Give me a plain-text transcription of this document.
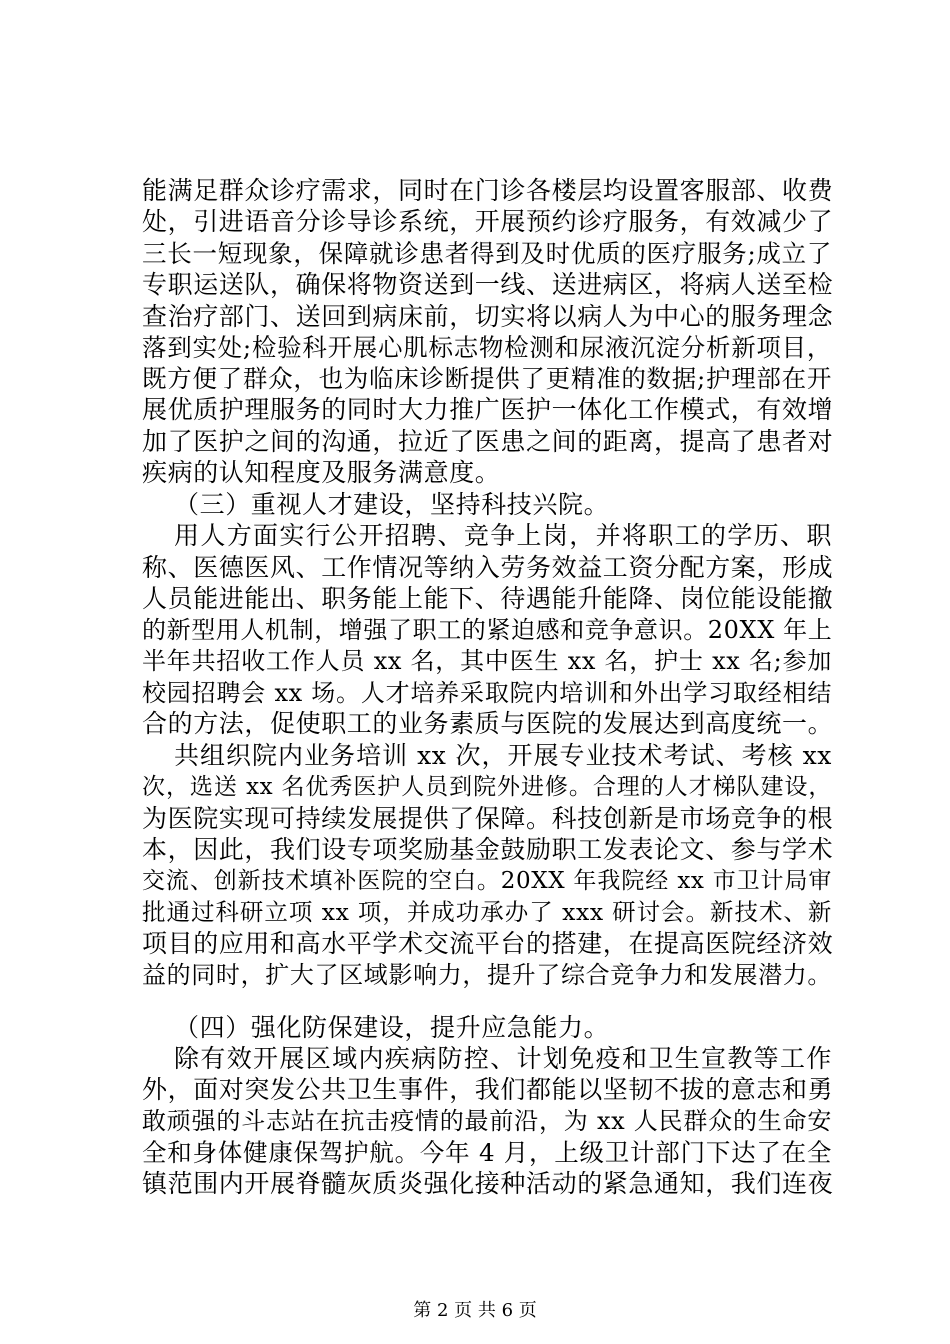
能满足群众诊疗需求，同时在门诊各楼层均设置客服部、收费
处，引进语音分诊导诊系统，开展预约诊疗服务，有效减少了
三长一短现象，保障就诊患者得到及时优质的医疗服务;成立了
专职运送队，确保将物资送到一线、送进病区，将病人送至检
查治疗部门、送回到病床前，切实将以病人为中心的服务理念
落到实处;检验科开展心肌标志物检测和尿液沉淀分析新项目，
既方便了群众，也为临床诊断提供了更精准的数据;护理部在开
展优质护理服务的同时大力推广医护一体化工作模式，有效增
加了医护之间的沟通，拉近了医患之间的距离，提高了患者对
疾病的认知程度及服务满意度。
（三）重视人才建设，坚持科技兴院。
用人方面实行公开招聘、竞争上岗，并将职工的学历、职
称、医德医风、工作情况等纳入劳务效益工资分配方案，形成
人员能进能出、职务能上能下、待遇能升能降、岗位能设能撤
的新型用人机制，增强了职工的紧迫感和竞争意识。20XX 年上
半年共招收工作人员 xx 名，其中医生 xx 名，护士 xx 名;参加
校园招聘会 xx 场。人才培养采取院内培训和外出学习取经相结
合的方法，促使职工的业务素质与医院的发展达到高度统一。
共组织院内业务培训 xx 次，开展专业技术考试、考核 xx
次，选送 xx 名优秀医护人员到院外进修。合理的人才梯队建设，
为医院实现可持续发展提供了保障。科技创新是市场竞争的根
本，因此，我们设专项奖励基金鼓励职工发表论文、参与学术
交流、创新技术填补医院的空白。20XX 年我院经 xx 市卫计局审
批通过科研立项 xx 项，并成功承办了 xxx 研讨会。新技术、新
项目的应用和高水平学术交流平台的搭建，在提高医院经济效
益的同时，扩大了区域影响力，提升了综合竞争力和发展潜力。
（四）强化防保建设，提升应急能力。
除有效开展区域内疾病防控、计划免疫和卫生宣教等工作
外，面对突发公共卫生事件，我们都能以坚韧不拔的意志和勇
敢顽强的斗志站在抗击疫情的最前沿，为 xx 人民群众的生命安
全和身体健康保驾护航。今年 4 月，上级卫计部门下达了在全
镇范围内开展脊髓灰质炎强化接种活动的紧急通知，我们连夜
第 2 页 共 6 页
